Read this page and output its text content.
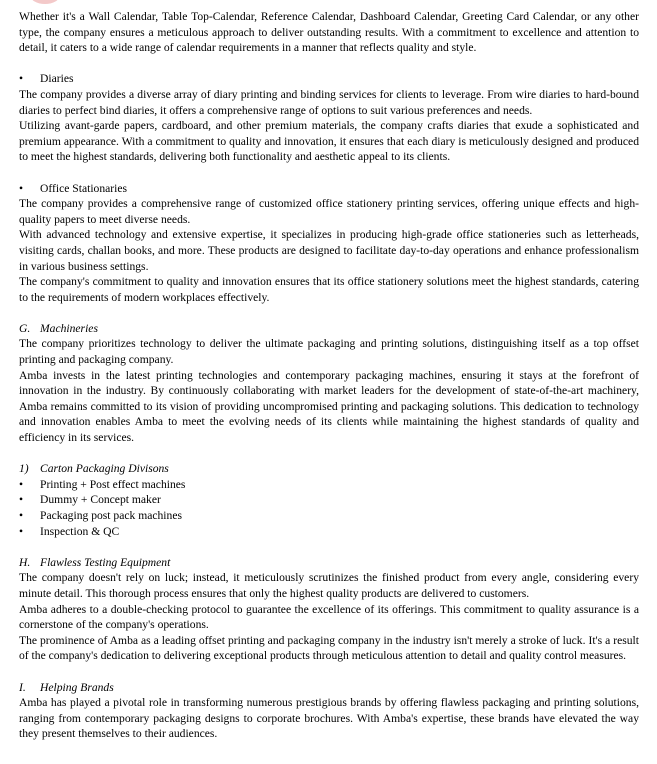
Whether it's a Wall Calendar, Table Top-Calendar, Reference Calendar, Dashboard Calendar, Greeting Card Calendar, or any other type, the company ensures a meticulous approach to deliver outstanding results. With a commitment to excellence and attention to detail, it caters to a wide range of calendar requirements in a manner that reflects quality and style.

• Diaries

The company provides a diverse array of diary printing and binding services for clients to leverage. From wire diaries to hard-bound diaries to perfect bind diaries, it offers a comprehensive range of options to suit various preferences and needs.

Utilizing avant-garde papers, cardboard, and other premium materials, the company crafts diaries that exude a sophisticated and premium appearance. With a commitment to quality and innovation, it ensures that each diary is meticulously designed and produced to meet the highest standards, delivering both functionality and aesthetic appeal to its clients.

• Office Stationaries

The company provides a comprehensive range of customized office stationery printing services, offering unique effects and high-quality papers to meet diverse needs.

With advanced technology and extensive expertise, it specializes in producing high-grade office stationeries such as letterheads, visiting cards, challan books, and more. These products are designed to facilitate day-to-day operations and enhance professionalism in various business settings.

The company's commitment to quality and innovation ensures that its office stationery solutions meet the highest standards, catering to the requirements of modern workplaces effectively.

G. Machineries

The company prioritizes technology to deliver the ultimate packaging and printing solutions, distinguishing itself as a top offset printing and packaging company.

Amba invests in the latest printing technologies and contemporary packaging machines, ensuring it stays at the forefront of innovation in the industry. By continuously collaborating with market leaders for the development of state-of-the-art machinery, Amba remains committed to its vision of providing uncompromised printing and packaging solutions. This dedication to technology and innovation enables Amba to meet the evolving needs of its clients while maintaining the highest standards of quality and efficiency in its services.

1) Carton Packaging Divisons

• Printing + Post effect machines

• Dummy + Concept maker

• Packaging post pack machines

• Inspection & QC

H. Flawless Testing Equipment

The company doesn't rely on luck; instead, it meticulously scrutinizes the finished product from every angle, considering every minute detail. This thorough process ensures that only the highest quality products are delivered to customers.

Amba adheres to a double-checking protocol to guarantee the excellence of its offerings. This commitment to quality assurance is a cornerstone of the company's operations.

The prominence of Amba as a leading offset printing and packaging company in the industry isn't merely a stroke of luck. It's a result of the company's dedication to delivering exceptional products through meticulous attention to detail and quality control measures.

I. Helping Brands

Amba has played a pivotal role in transforming numerous prestigious brands by offering flawless packaging and printing solutions, ranging from contemporary packaging designs to corporate brochures. With Amba's expertise, these brands have elevated the way they present themselves to their audiences.
